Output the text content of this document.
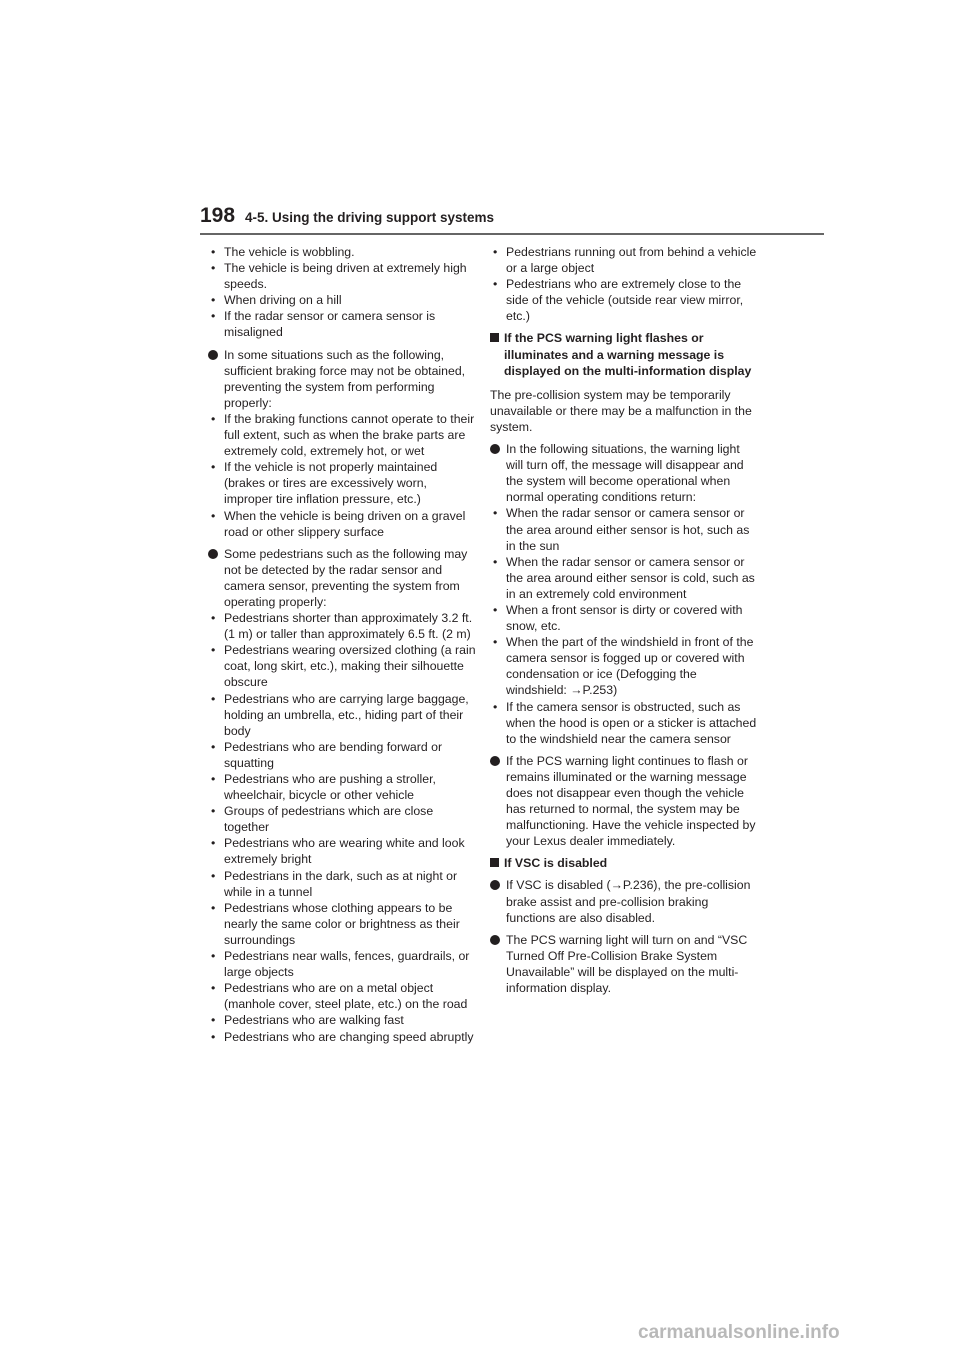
198 4-5. Using the driving support systems

• The vehicle is wobbling.

• The vehicle is being driven at extremely high speeds.

• When driving on a hill

• If the radar sensor or camera sensor is misaligned

In some situations such as the following, sufficient braking force may not be obtained, preventing the system from performing properly:

• If the braking functions cannot operate to their full extent, such as when the brake parts are extremely cold, extremely hot, or wet

• If the vehicle is not properly maintained (brakes or tires are excessively worn, improper tire inflation pressure, etc.)

• When the vehicle is being driven on a gravel road or other slippery surface

Some pedestrians such as the following may not be detected by the radar sensor and camera sensor, preventing the system from operating properly:

• Pedestrians shorter than approximately 3.2 ft. (1 m) or taller than approximately 6.5 ft. (2 m)

• Pedestrians wearing oversized clothing (a rain coat, long skirt, etc.), making their silhouette obscure

• Pedestrians who are carrying large baggage, holding an umbrella, etc., hiding part of their body

• Pedestrians who are bending forward or squatting

• Pedestrians who are pushing a stroller, wheelchair, bicycle or other vehicle

• Groups of pedestrians which are close together

• Pedestrians who are wearing white and look extremely bright

• Pedestrians in the dark, such as at night or while in a tunnel

• Pedestrians whose clothing appears to be nearly the same color or brightness as their surroundings

• Pedestrians near walls, fences, guardrails, or large objects

• Pedestrians who are on a metal object (manhole cover, steel plate, etc.) on the road

• Pedestrians who are walking fast

• Pedestrians who are changing speed abruptly

• Pedestrians running out from behind a vehicle or a large object

• Pedestrians who are extremely close to the side of the vehicle (outside rear view mirror, etc.)

If the PCS warning light flashes or illuminates and a warning message is displayed on the multi-information display

The pre-collision system may be temporarily unavailable or there may be a malfunction in the system.

In the following situations, the warning light will turn off, the message will disappear and the system will become operational when normal operating conditions return:

• When the radar sensor or camera sensor or the area around either sensor is hot, such as in the sun

• When the radar sensor or camera sensor or the area around either sensor is cold, such as in an extremely cold environment

• When a front sensor is dirty or covered with snow, etc.

• When the part of the windshield in front of the camera sensor is fogged up or covered with condensation or ice (Defogging the windshield: →P.253)

• If the camera sensor is obstructed, such as when the hood is open or a sticker is attached to the windshield near the camera sensor

If the PCS warning light continues to flash or remains illuminated or the warning message does not disappear even though the vehicle has returned to normal, the system may be malfunctioning. Have the vehicle inspected by your Lexus dealer immediately.

If VSC is disabled

If VSC is disabled (→P.236), the pre-collision brake assist and pre-collision braking functions are also disabled.

The PCS warning light will turn on and “VSC Turned Off Pre-Collision Brake System Unavailable” will be displayed on the multi-information display.

carmanualsonline.info
